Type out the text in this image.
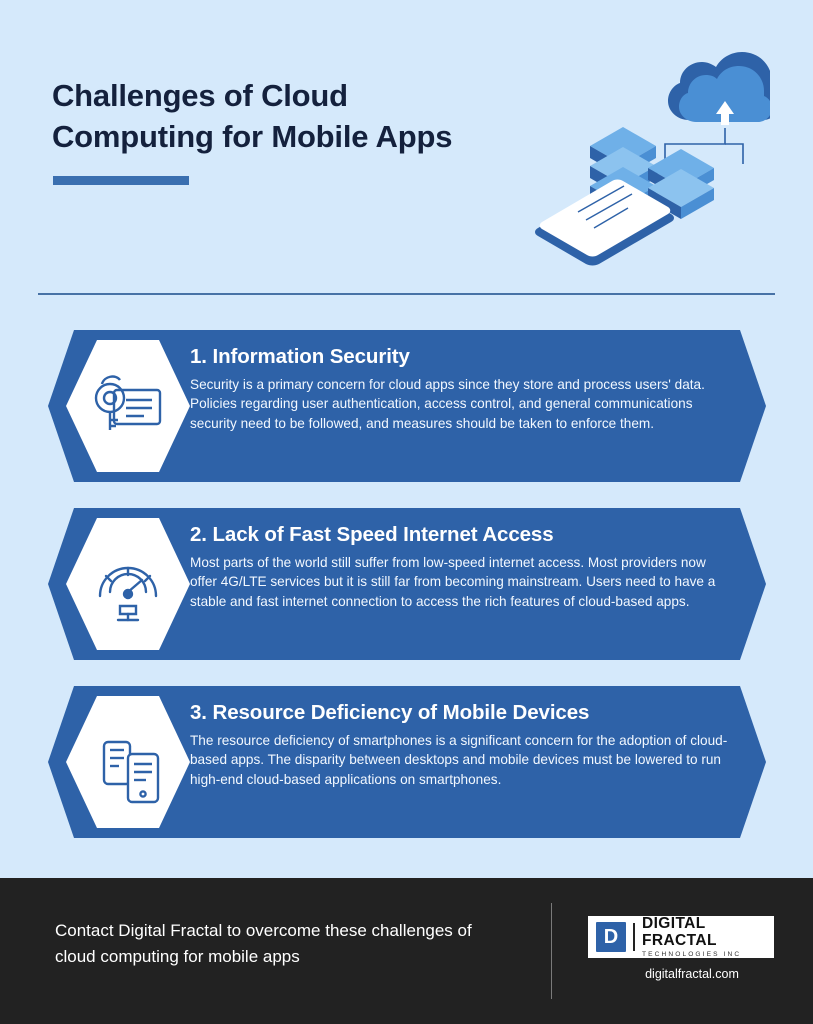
Challenges of Cloud Computing for Mobile Apps

1. Information Security

Security is a primary concern for cloud apps since they store and process users' data. Policies regarding user authentication, access control, and general communications security need to be followed, and measures should be taken to enforce them.

2. Lack of Fast Speed Internet Access

Most parts of the world still suffer from low-speed internet access. Most providers now offer 4G/LTE services but it is still far from becoming mainstream. Users need to have a stable and fast internet connection to access the rich features of cloud-based apps.

3. Resource Deficiency of Mobile Devices

The resource deficiency of smartphones is a significant concern for the adoption of cloud-based apps. The disparity between desktops and mobile devices must be lowered to run high-end cloud-based applications on smartphones.

Contact Digital Fractal to overcome these challenges of cloud computing for mobile apps
D
DIGITAL FRACTAL
TECHNOLOGIES INC
digitalfractal.com
